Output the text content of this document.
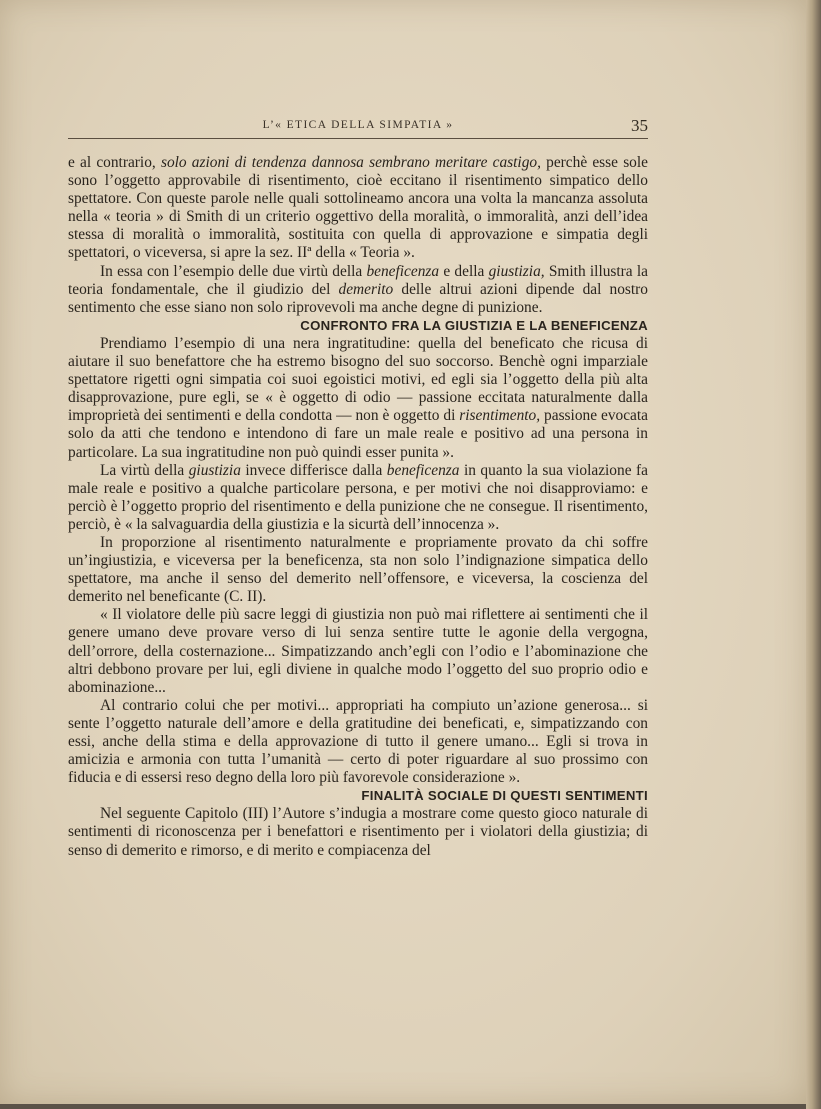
L’« ETICA DELLA SIMPATIA »	35

e al contrario, solo azioni di tendenza dannosa sembrano meritare castigo, perchè esse sole sono l’oggetto approvabile di risentimento, cioè eccitano il risentimento simpatico dello spettatore. Con queste parole nelle quali sottolineamo ancora una volta la mancanza assoluta nella « teoria » di Smith di un criterio oggettivo della moralità, o immoralità, anzi dell’idea stessa di moralità o immoralità, sostituita con quella di approvazione e simpatia degli spettatori, o viceversa, si apre la sez. IIª della « Teoria ».

In essa con l’esempio delle due virtù della beneficenza e della giustizia, Smith illustra la teoria fondamentale, che il giudizio del demerito delle altrui azioni dipende dal nostro sentimento che esse siano non solo riprovevoli ma anche degne di punizione.

CONFRONTO FRA LA GIUSTIZIA E LA BENEFICENZA

Prendiamo l’esempio di una nera ingratitudine: quella del beneficato che ricusa di aiutare il suo benefattore che ha estremo bisogno del suo soccorso. Benchè ogni imparziale spettatore rigetti ogni simpatia coi suoi egoistici motivi, ed egli sia l’oggetto della più alta disapprovazione, pure egli, se « è oggetto di odio — passione eccitata naturalmente dalla improprietà dei sentimenti e della condotta — non è oggetto di risentimento, passione evocata solo da atti che tendono e intendono di fare un male reale e positivo ad una persona in particolare. La sua ingratitudine non può quindi esser punita ».

La virtù della giustizia invece differisce dalla beneficenza in quanto la sua violazione fa male reale e positivo a qualche particolare persona, e per motivi che noi disapproviamo: e perciò è l’oggetto proprio del risentimento e della punizione che ne consegue. Il risentimento, perciò, è « la salvaguardia della giustizia e la sicurtà dell’innocenza ».

In proporzione al risentimento naturalmente e propriamente provato da chi soffre un’ingiustizia, e viceversa per la beneficenza, sta non solo l’indignazione simpatica dello spettatore, ma anche il senso del demerito nell’offensore, e viceversa, la coscienza del demerito nel beneficante (C. II).

« Il violatore delle più sacre leggi di giustizia non può mai riflettere ai sentimenti che il genere umano deve provare verso di lui senza sentire tutte le agonie della vergogna, dell’orrore, della costernazione... Simpatizzando anch’egli con l’odio e l’abominazione che altri debbono provare per lui, egli diviene in qualche modo l’oggetto del suo proprio odio e abominazione...

Al contrario colui che per motivi... appropriati ha compiuto un’azione generosa... si sente l’oggetto naturale dell’amore e della gratitudine dei beneficati, e, simpatizzando con essi, anche della stima e della approvazione di tutto il genere umano... Egli si trova in amicizia e armonia con tutta l’umanità — certo di poter riguardare al suo prossimo con fiducia e di essersi reso degno della loro più favorevole considerazione ».

FINALITÀ SOCIALE DI QUESTI SENTIMENTI

Nel seguente Capitolo (III) l’Autore s’indugia a mostrare come questo gioco naturale di sentimenti di riconoscenza per i benefattori e risentimento per i violatori della giustizia; di senso di demerito e rimorso, e di merito e compiacenza del
